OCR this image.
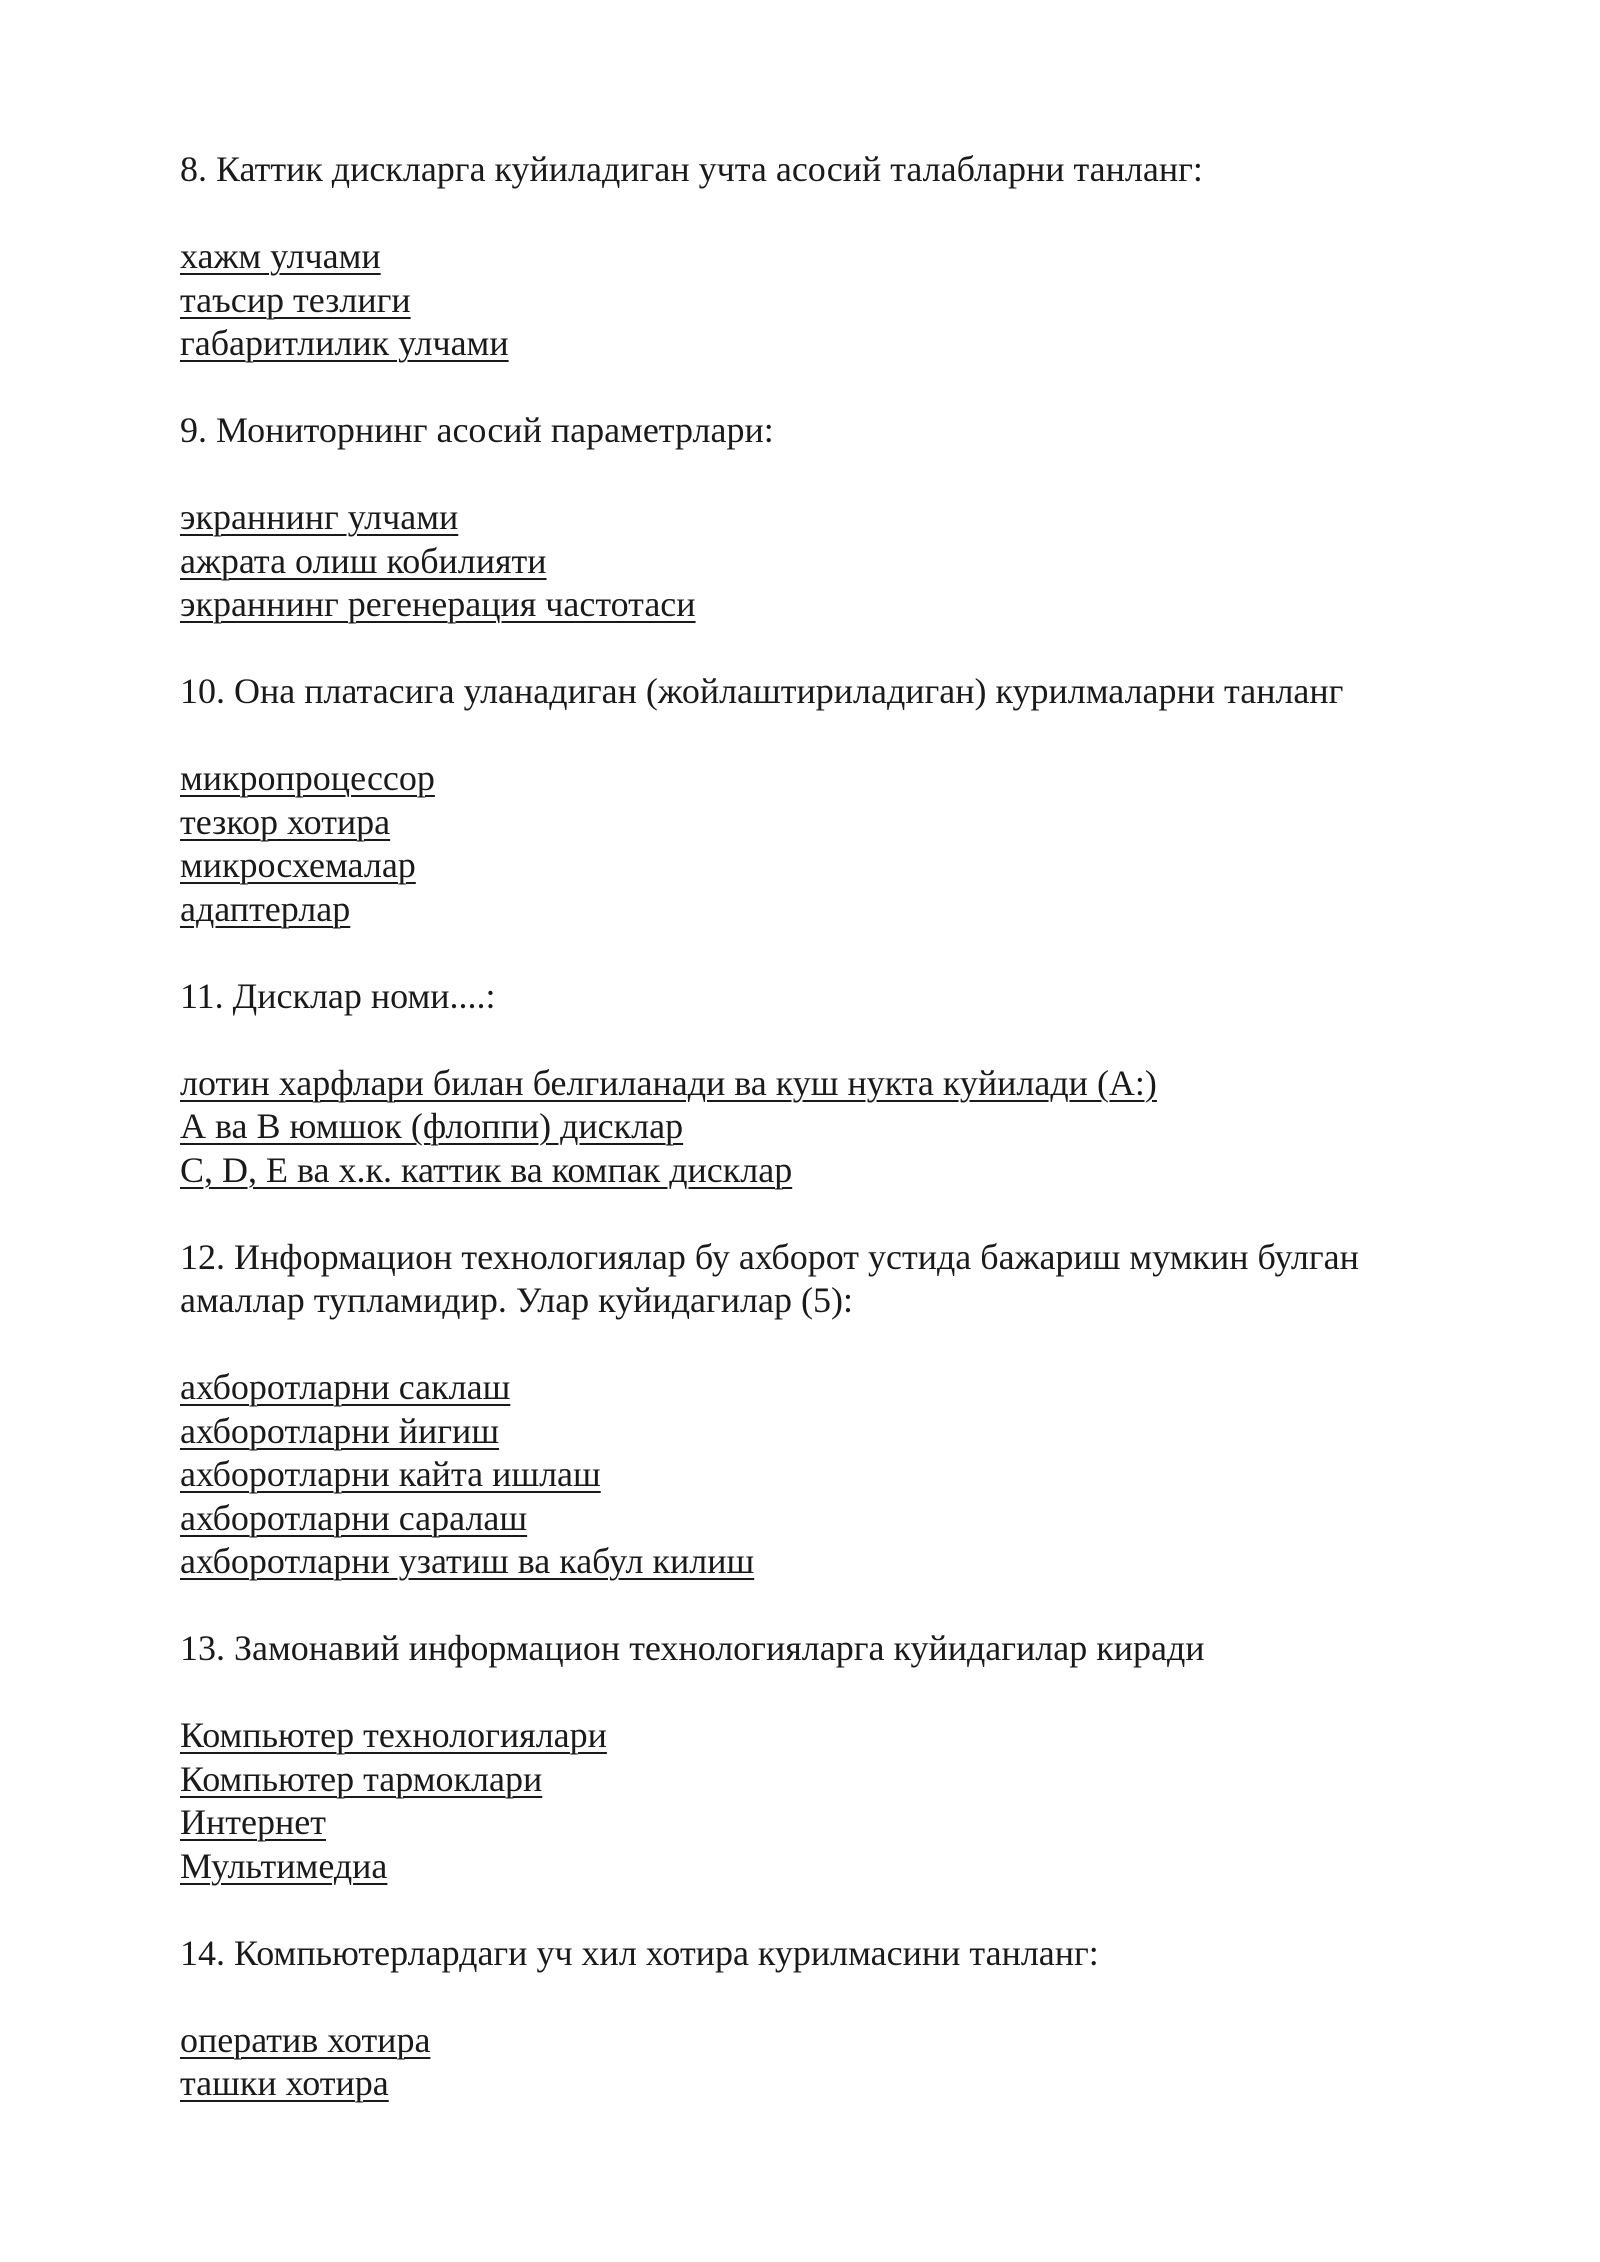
8. Каттик дискларга куйиладиган учта асосий талабларни танланг:
хажм улчами
таъсир тезлиги
габаритлилик улчами
9. Мониторнинг асосий параметрлари:
экраннинг улчами
ажрата олиш кобилияти
экраннинг регенерация частотаси
10. Она платасига уланадиган (жойлаштириладиган) курилмаларни танланг
микропроцессор
тезкор хотира
микросхемалар
адаптерлар
11. Дисклар номи....:
лотин харфлари билан белгиланади ва куш нукта куйилади (А:)
А ва В юмшок (флоппи) дисклар
С, D, Е ва х.к. каттик ва компак дисклар
12. Информацион технологиялар бу ахборот устида бажариш мумкин булган амаллар тупламидир. Улар куйидагилар (5):
ахборотларни саклаш
ахборотларни йигиш
ахборотларни кайта ишлаш
ахборотларни саралаш
ахборотларни узатиш ва кабул килиш
13. Замонавий информацион технологияларга куйидагилар киради
Компьютер технологиялари
Компьютер тармоклари
Интернет
Мультимедиа
14. Компьютерлардаги уч хил хотира курилмасини танланг:
оператив хотира
ташки хотира
